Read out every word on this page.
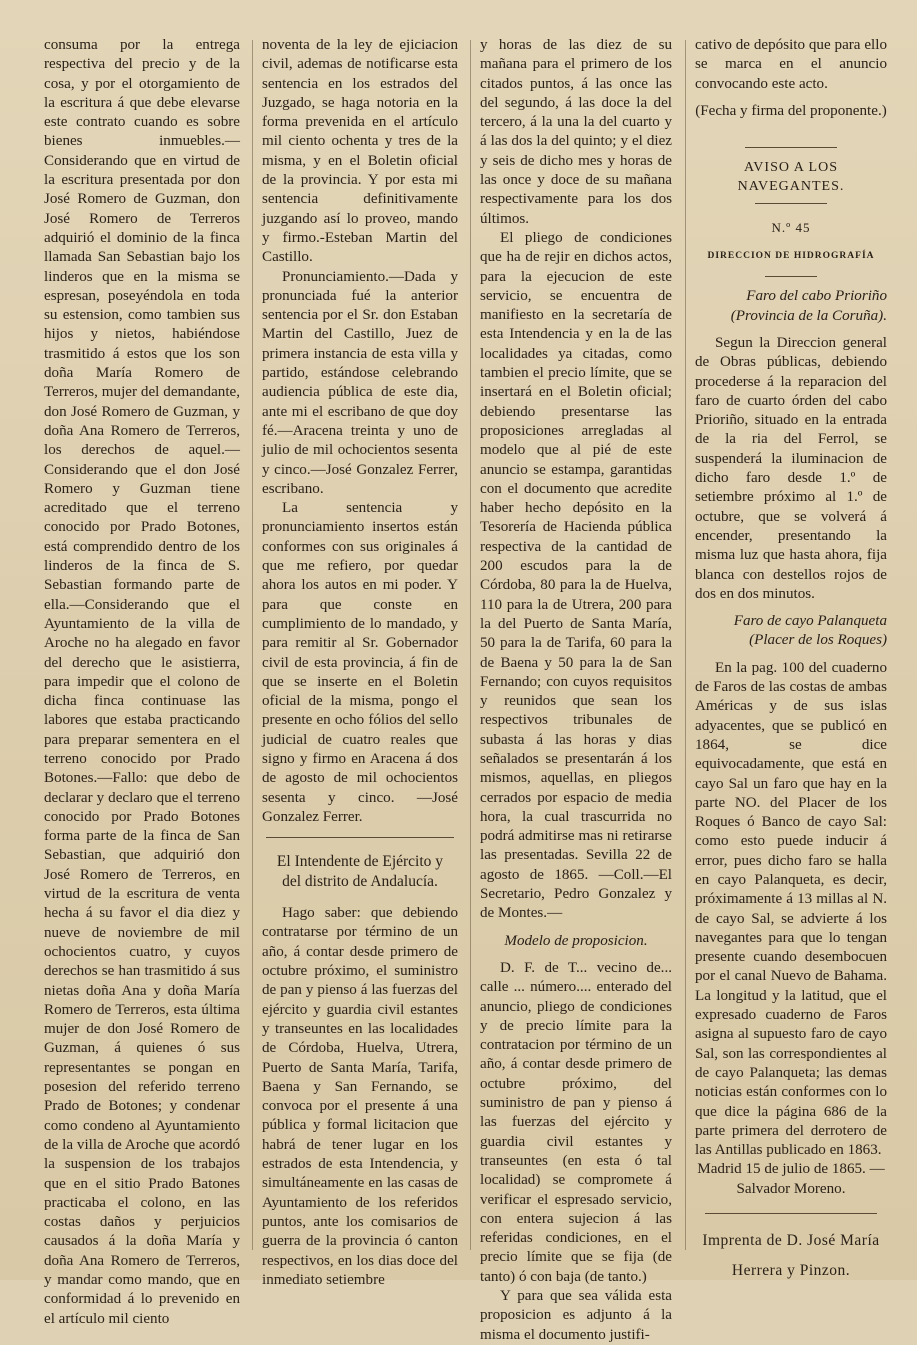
consuma por la entrega respectiva del precio y de la cosa, y por el otorgamiento de la escritura á que debe elevarse este contrato cuando es sobre bienes inmuebles.—Considerando que en virtud de la escritura presentada por don José Romero de Guzman, don José Romero de Terreros adquirió el dominio de la finca llamada San Sebastian bajo los linderos que en la misma se espresan, poseyéndola en toda su estension, como tambien sus hijos y nietos, habiéndose trasmitido á estos que los son doña María Romero de Terreros, mujer del demandante, don José Romero de Guzman, y doña Ana Romero de Terreros, los derechos de aquel.—Considerando que el don José Romero y Guzman tiene acreditado que el terreno conocido por Prado Botones, está comprendido dentro de los linderos de la finca de S. Sebastian formando parte de ella.—Considerando que el Ayuntamiento de la villa de Aroche no ha alegado en favor del derecho que le asistierra, para impedir que el colono de dicha finca continuase las labores que estaba practicando para preparar sementera en el terreno conocido por Prado Botones.—Fallo: que debo de declarar y declaro que el terreno conocido por Prado Botones forma parte de la finca de San Sebastian, que adquirió don José Romero de Terreros, en virtud de la escritura de venta hecha á su favor el dia diez y nueve de noviembre de mil ochocientos cuatro, y cuyos derechos se han trasmitido á sus nietas doña Ana y doña María Romero de Terreros, esta última mujer de don José Romero de Guzman, á quienes ó sus representantes se pongan en posesion del referido terreno Prado de Botones; y condenar como condeno al Ayuntamiento de la villa de Aroche que acordó la suspension de los trabajos que en el sitio Prado Batones practicaba el colono, en las costas daños y perjuicios causados á la doña María y doña Ana Romero de Terreros, y mandar como mando, que en conformidad á lo prevenido en el artículo mil ciento

noventa de la ley de ejiciacion civil, ademas de notificarse esta sentencia en los estrados del Juzgado, se haga notoria en la forma prevenida en el artículo mil ciento ochenta y tres de la misma, y en el Boletin oficial de la provincia. Y por esta mi sentencia definitivamente juzgando así lo proveo, mando y firmo.-Esteban Martin del Castillo.

Pronunciamiento.—Dada y pronunciada fué la anterior sentencia por el Sr. don Estaban Martin del Castillo, Juez de primera instancia de esta villa y partido, estándose celebrando audiencia pública de este dia, ante mi el escribano de que doy fé.—Aracena treinta y uno de julio de mil ochocientos sesenta y cinco.—José Gonzalez Ferrer, escribano.

La sentencia y pronunciamiento insertos están conformes con sus originales á que me refiero, por quedar ahora los autos en mi poder. Y para que conste en cumplimiento de lo mandado, y para remitir al Sr. Gobernador civil de esta provincia, á fin de que se inserte en el Boletin oficial de la misma, pongo el presente en ocho fólios del sello judicial de cuatro reales que signo y firmo en Aracena á dos de agosto de mil ochocientos sesenta y cinco. —José Gonzalez Ferrer.

El Intendente de Ejército y del distrito de Andalucía.

Hago saber: que debiendo contratarse por término de un año, á contar desde primero de octubre próximo, el suministro de pan y pienso á las fuerzas del ejército y guardia civil estantes y transeuntes en las localidades de Córdoba, Huelva, Utrera, Puerto de Santa María, Tarifa, Baena y San Fernando, se convoca por el presente á una pública y formal licitacion que habrá de tener lugar en los estrados de esta Intendencia, y simultáneamente en las casas de Ayuntamiento de los referidos puntos, ante los comisarios de guerra de la provincia ó canton respectivos, en los dias doce del inmediato setiembre

y horas de las diez de su mañana para el primero de los citados puntos, á las once las del segundo, á las doce la del tercero, á la una la del cuarto y á las dos la del quinto; y el diez y seis de dicho mes y horas de las once y doce de su mañana respectivamente para los dos últimos.

El pliego de condiciones que ha de rejir en dichos actos, para la ejecucion de este servicio, se encuentra de manifiesto en la secretaría de esta Intendencia y en la de las localidades ya citadas, como tambien el precio límite, que se insertará en el Boletin oficial; debiendo presentarse las proposiciones arregladas al modelo que al pié de este anuncio se estampa, garantidas con el documento que acredite haber hecho depósito en la Tesorería de Hacienda pública respectiva de la cantidad de 200 escudos para la de Córdoba, 80 para la de Huelva, 110 para la de Utrera, 200 para la del Puerto de Santa María, 50 para la de Tarifa, 60 para la de Baena y 50 para la de San Fernando; con cuyos requisitos y reunidos que sean los respectivos tribunales de subasta á las horas y dias señalados se presentarán á los mismos, aquellas, en pliegos cerrados por espacio de media hora, la cual trascurrida no podrá admitirse mas ni retirarse las presentadas. Sevilla 22 de agosto de 1865. —Coll.—El Secretario, Pedro Gonzalez y de Montes.—

Modelo de proposicion.

D. F. de T... vecino de... calle ... número.... enterado del anuncio, pliego de condiciones y de precio límite para la contratacion por término de un año, á contar desde primero de octubre próximo, del suministro de pan y pienso á las fuerzas del ejército y guardia civil estantes y transeuntes (en esta ó tal localidad) se compromete á verificar el espresado servicio, con entera sujecion á las referidas condiciones, en el precio límite que se fija (de tanto) ó con baja (de tanto.)

Y para que sea válida esta proposicion es adjunto á la misma el documento justifi-

cativo de depósito que para ello se marca en el anuncio convocando este acto.

(Fecha y firma del proponente.)

AVISO A LOS NAVEGANTES.
N.º 45
DIRECCION DE HIDROGRAFÍA

Faro del cabo Prioriño (Provincia de la Coruña).

Segun la Direccion general de Obras públicas, debiendo procederse á la reparacion del faro de cuarto órden del cabo Prioriño, situado en la entrada de la ria del Ferrol, se suspenderá la iluminacion de dicho faro desde 1.º de setiembre próximo al 1.º de octubre, que se volverá á encender, presentando la misma luz que hasta ahora, fija blanca con destellos rojos de dos en dos minutos.

Faro de cayo Palanqueta (Placer de los Roques)

En la pag. 100 del cuaderno de Faros de las costas de ambas Américas y de sus islas adyacentes, que se publicó en 1864, se dice equivocadamente, que está en cayo Sal un faro que hay en la parte NO. del Placer de los Roques ó Banco de cayo Sal: como esto puede inducir á error, pues dicho faro se halla en cayo Palanqueta, es decir, próximamente á 13 millas al N. de cayo Sal, se advierte á los navegantes para que lo tengan presente cuando desembocuen por el canal Nuevo de Bahama. La longitud y la latitud, que el expresado cuaderno de Faros asigna al supuesto faro de cayo Sal, son las correspondientes al de cayo Palanqueta; las demas noticias están conformes con lo que dice la página 686 de la parte primera del derrotero de las Antillas publicado en 1863.

Madrid 15 de julio de 1865. —Salvador Moreno.

Imprenta de D. José María
Herrera y Pinzon.
